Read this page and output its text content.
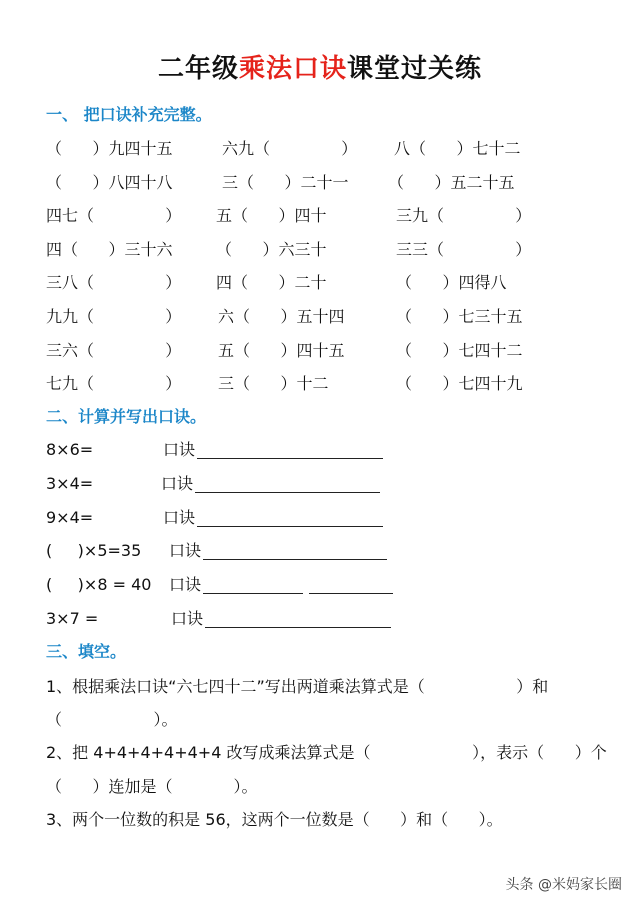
二年级乘法口诀课堂过关练
一、 把口诀补充完整。
（      ）九四十五	六九（              ） 八（      ）七十二
（      ）八四十八	三（      ）二十一 （      ）五二十五
四七（              ） 五（      ）四十	三九（              ）
四（      ）三十六	（      ）六三十	三三（              ）
三八（              ） 四（      ）二十	（      ）四得八
九九（              ） 六（      ）五十四	（      ）七三十五
三六（              ） 五（      ）四十五	（      ）七四十二
七九（              ） 三（      ）十二	（      ）七四十九
二、计算并写出口诀。
8×6=	口诀
3×4=	口诀
9×4=	口诀
(     )×5=35 口诀
(     )×8 = 40 口诀
3×7 =	口诀
三、填空。
1、根据乘法口诀“六七四十二”写出两道乘法算式是（                  ）和
（                  ）。
2、把 4+4+4+4+4+4 改写成乘法算式是（                    ），表示（      ）个
（      ）连加是（            ）。
3、两个一位数的积是 56，这两个一位数是（      ）和（      ）。
头条 @米妈家长圈
